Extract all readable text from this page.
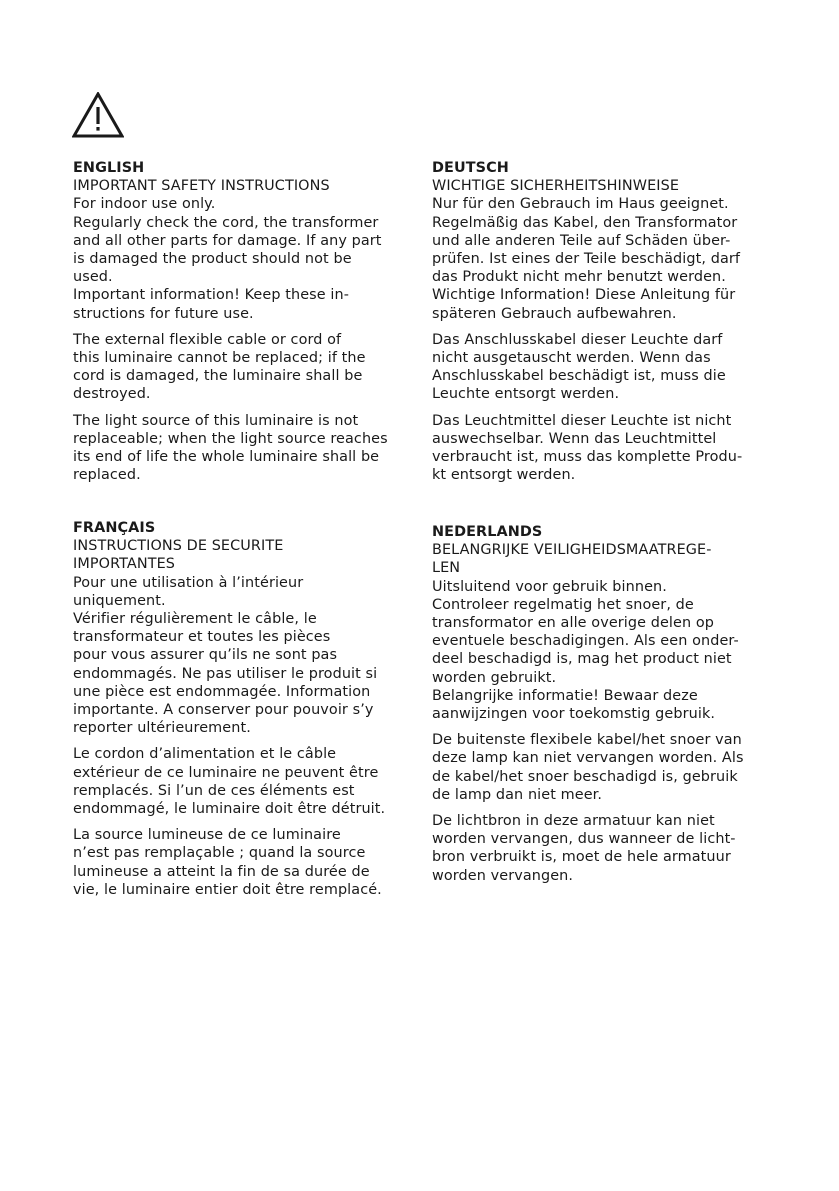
ENGLISH

IMPORTANT SAFETY INSTRUCTIONS
For indoor use only.
Regularly check the cord, the transformer
and all other parts for damage. If any part
is damaged the product should not be
used.
Important information! Keep these in-
structions for future use.
The external flexible cable or cord of
this luminaire cannot be replaced; if the
cord is damaged, the luminaire shall be
destroyed.
The light source of this luminaire is not
replaceable; when the light source reaches
its end of life the whole luminaire shall be
replaced.

DEUTSCH

WICHTIGE SICHERHEITSHINWEISE
Nur für den Gebrauch im Haus geeignet.
Regelmäßig das Kabel, den Transformator
und alle anderen Teile auf Schäden über-
prüfen. Ist eines der Teile beschädigt, darf
das Produkt nicht mehr benutzt werden.
Wichtige Information! Diese Anleitung für
späteren Gebrauch aufbewahren.
Das Anschlusskabel dieser Leuchte darf
nicht ausgetauscht werden. Wenn das
Anschlusskabel beschädigt ist, muss die
Leuchte entsorgt werden.
Das Leuchtmittel dieser Leuchte ist nicht
auswechselbar. Wenn das Leuchtmittel
verbraucht ist, muss das komplette Produ-
kt entsorgt werden.

FRANÇAIS

INSTRUCTIONS DE SECURITE
IMPORTANTES
Pour une utilisation à l’intérieur
uniquement.
Vérifier régulièrement le câble, le
transformateur et toutes les pièces
pour vous assurer qu’ils ne sont pas
endommagés. Ne pas utiliser le produit si
une pièce est endommagée. Information
importante. A conserver pour pouvoir s’y
reporter ultérieurement.
Le cordon d’alimentation et le câble
extérieur de ce luminaire ne peuvent être
remplacés. Si l’un de ces éléments est
endommagé, le luminaire doit être détruit.
La source lumineuse de ce luminaire
n’est pas remplaçable ; quand la source
lumineuse a atteint la fin de sa durée de
vie, le luminaire entier doit être remplacé.

NEDERLANDS

BELANGRIJKE VEILIGHEIDSMAATREGE-
LEN
Uitsluitend voor gebruik binnen.
Controleer regelmatig het snoer, de
transformator en alle overige delen op
eventuele beschadigingen. Als een onder-
deel beschadigd is, mag het product niet
worden gebruikt.
Belangrijke informatie! Bewaar deze
aanwijzingen voor toekomstig gebruik.
De buitenste flexibele kabel/het snoer van
deze lamp kan niet vervangen worden. Als
de kabel/het snoer beschadigd is, gebruik
de lamp dan niet meer.
De lichtbron in deze armatuur kan niet
worden vervangen, dus wanneer de licht-
bron verbruikt is, moet de hele armatuur
worden vervangen.
